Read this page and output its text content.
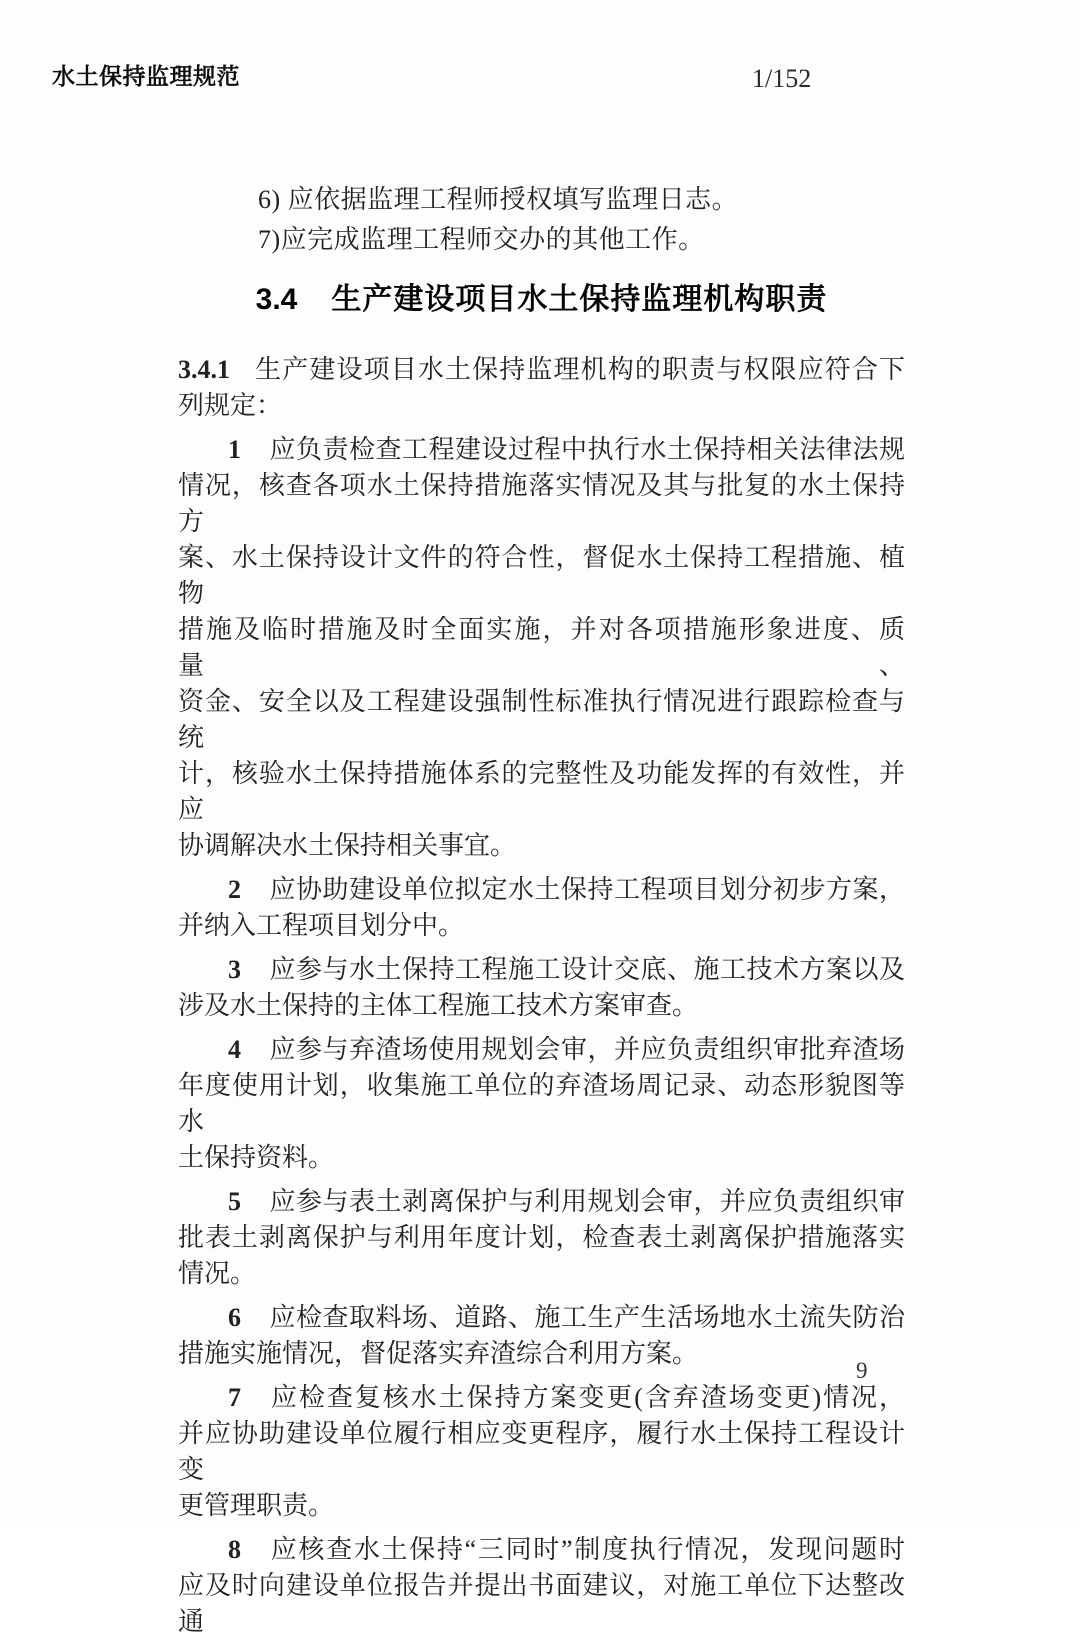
水土保持监理规范	1/152
6) 应依据监理工程师授权填写监理日志。
7)应完成监理工程师交办的其他工作。
3.4 生产建设项目水土保持监理机构职责
3.4.1 生产建设项目水土保持监理机构的职责与权限应符合下
列规定：
1 应负责检查工程建设过程中执行水土保持相关法律法规
情况，核查各项水土保持措施落实情况及其与批复的水土保持方
案、水土保持设计文件的符合性，督促水土保持工程措施、植物
措施及临时措施及时全面实施，并对各项措施形象进度、质量、
资金、安全以及工程建设强制性标准执行情况进行跟踪检查与统
计，核验水土保持措施体系的完整性及功能发挥的有效性，并应
协调解决水土保持相关事宜。
2 应协助建设单位拟定水土保持工程项目划分初步方案，
并纳入工程项目划分中。
3 应参与水土保持工程施工设计交底、施工技术方案以及
涉及水土保持的主体工程施工技术方案审查。
4 应参与弃渣场使用规划会审，并应负责组织审批弃渣场
年度使用计划，收集施工单位的弃渣场周记录、动态形貌图等水
土保持资料。
5 应参与表土剥离保护与利用规划会审，并应负责组织审
批表土剥离保护与利用年度计划，检查表土剥离保护措施落实
情况。
6 应检查取料场、道路、施工生产生活场地水土流失防治
措施实施情况，督促落实弃渣综合利用方案。
7 应检查复核水土保持方案变更(含弃渣场变更)情况，
并应协助建设单位履行相应变更程序，履行水土保持工程设计变
更管理职责。
8 应核查水土保持“三同时”制度执行情况，发现问题时
应及时向建设单位报告并提出书面建议，对施工单位下达整改通
9
